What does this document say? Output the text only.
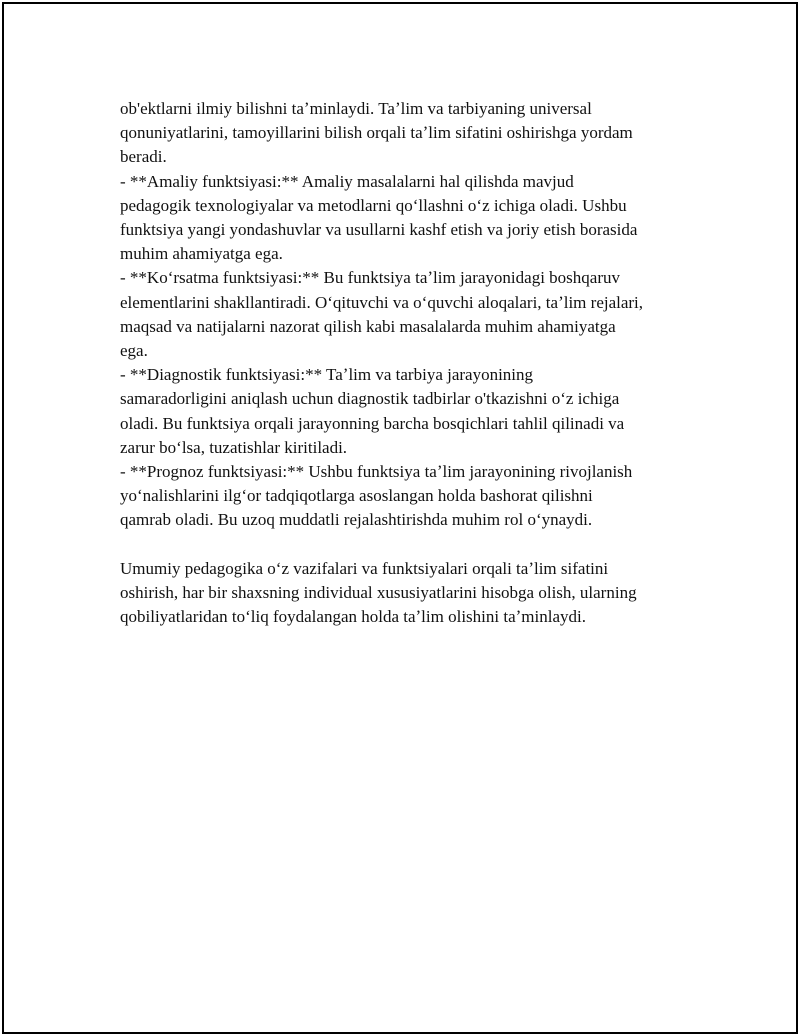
ob'ektlarni ilmiy bilishni taʼminlaydi. Taʼlim va tarbiyaning universal

qonuniyatlarini, tamoyillarini bilish orqali taʼlim sifatini oshirishga yordam

beradi.

- **Amaliy funktsiyasi:** Amaliy masalalarni hal qilishda mavjud

pedagogik texnologiyalar va metodlarni qoʻllashni oʻz ichiga oladi. Ushbu

funktsiya yangi yondashuvlar va usullarni kashf etish va joriy etish borasida

muhim ahamiyatga ega.

- **Koʻrsatma funktsiyasi:** Bu funktsiya taʼlim jarayonidagi boshqaruv

elementlarini shakllantiradi. Oʻqituvchi va oʻquvchi aloqalari, taʼlim rejalari,

maqsad va natijalarni nazorat qilish kabi masalalarda muhim ahamiyatga

ega.

- **Diagnostik funktsiyasi:** Taʼlim va tarbiya jarayonining

samaradorligini aniqlash uchun diagnostik tadbirlar o'tkazishni oʻz ichiga

oladi. Bu funktsiya orqali jarayonning barcha bosqichlari tahlil qilinadi va

zarur boʻlsa, tuzatishlar kiritiladi.

- **Prognoz funktsiyasi:** Ushbu funktsiya taʼlim jarayonining rivojlanish

yoʻnalishlarini ilgʻor tadqiqotlarga asoslangan holda bashorat qilishni

qamrab oladi. Bu uzoq muddatli rejalashtirishda muhim rol oʻynaydi.

Umumiy pedagogika oʻz vazifalari va funktsiyalari orqali taʼlim sifatini

oshirish, har bir shaxsning individual xususiyatlarini hisobga olish, ularning

qobiliyatlaridan toʻliq foydalangan holda taʼlim olishini taʼminlaydi.
